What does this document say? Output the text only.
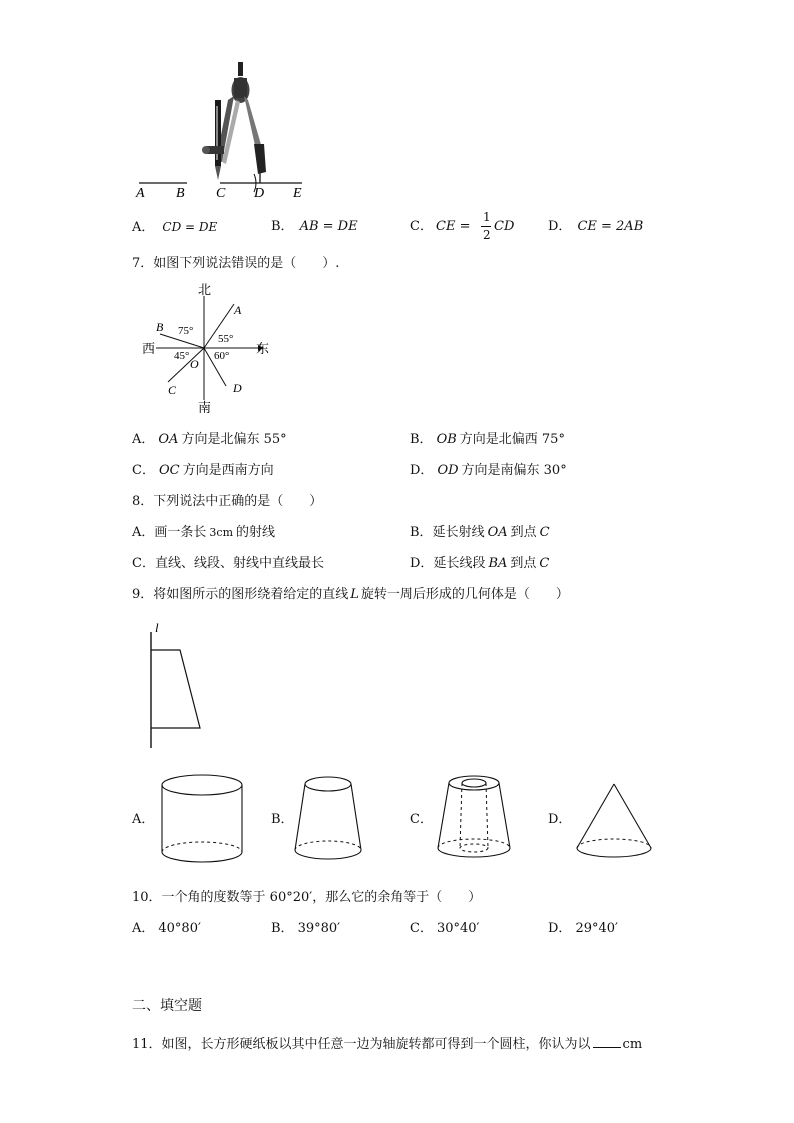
A B C D E
A． CD = DE	B． AB = DE	C． CE =
1
2
CD	D． CE = 2AB
7．如图下列说法错误的是（　　）.
北
南
西	东
A
B
C	D
O
75°
55°
45° 60°
A． OA 方向是北偏东 55°	B． OB 方向是北偏西 75°
C． OC 方向是西南方向	D． OD 方向是南偏东 30°
8．下列说法中正确的是（　　）
A．画一条长 3cm 的射线	B．延长射线 OA 到点 C
C．直线、线段、射线中直线最长	D．延长线段 BA 到点 C
9．将如图所示的图形绕着给定的直线 L 旋转一周后形成的几何体是（　　）
l
A．	B．	C．	D．
10．一个角的度数等于 60°20′，那么它的余角等于（　　）
A． 40°80′	B． 39°80′	C． 30°40′	D． 29°40′
二、填空题
11．如图，长方形硬纸板以其中任意一边为轴旋转都可得到一个圆柱，你认为以 cm
